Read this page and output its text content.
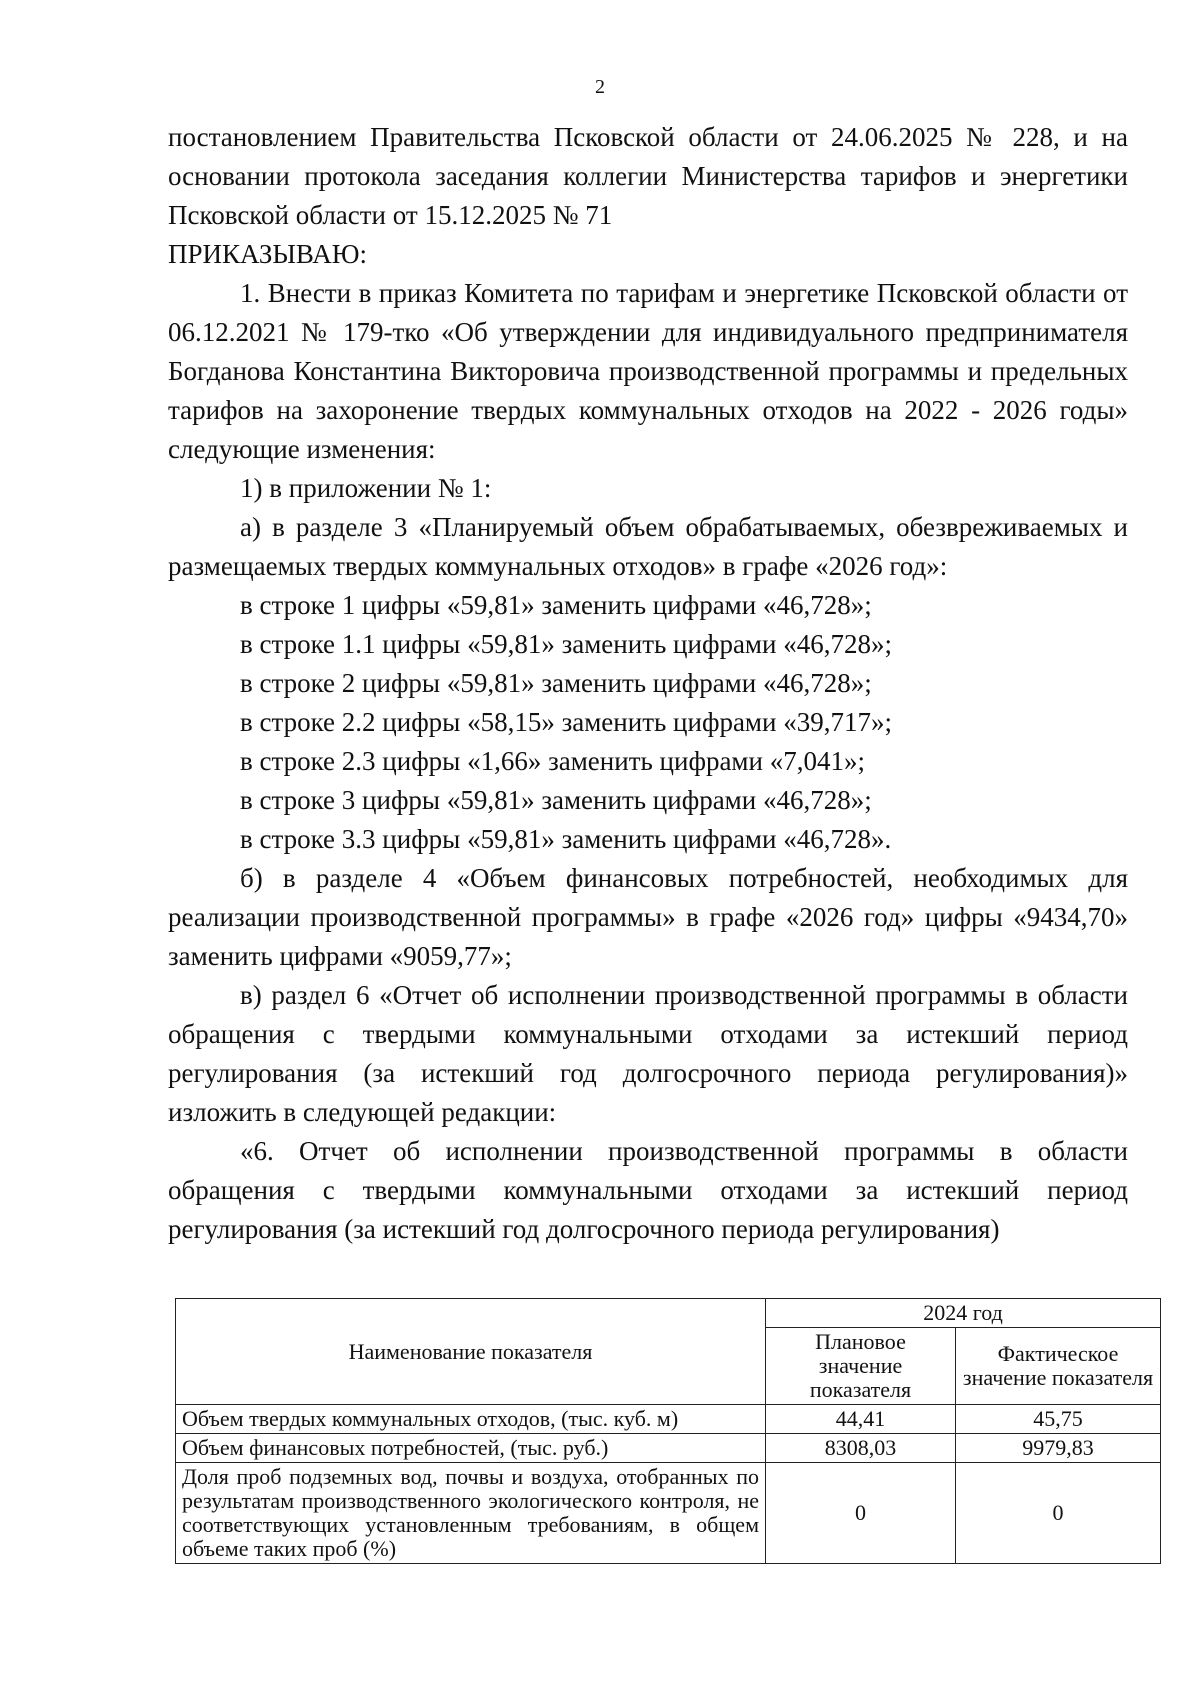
2

постановлением Правительства Псковской области от 24.06.2025 № 228, и на основании протокола заседания коллегии Министерства тарифов и энергетики Псковской области от 15.12.2025 № 71

ПРИКАЗЫВАЮ:

1. Внести в приказ Комитета по тарифам и энергетике Псковской области от 06.12.2021 № 179-тко «Об утверждении для индивидуального предпринимателя Богданова Константина Викторовича производственной программы и предельных тарифов на захоронение твердых коммунальных отходов на 2022 - 2026 годы» следующие изменения:

1) в приложении № 1:

а) в разделе 3 «Планируемый объем обрабатываемых, обезвреживаемых и размещаемых твердых коммунальных отходов» в графе «2026 год»:

в строке 1 цифры «59,81» заменить цифрами «46,728»;

в строке 1.1 цифры «59,81» заменить цифрами «46,728»;

в строке 2 цифры «59,81» заменить цифрами «46,728»;

в строке 2.2 цифры «58,15» заменить цифрами «39,717»;

в строке 2.3 цифры «1,66» заменить цифрами «7,041»;

в строке 3 цифры «59,81» заменить цифрами «46,728»;

в строке 3.3 цифры «59,81» заменить цифрами «46,728».

б) в разделе 4 «Объем финансовых потребностей, необходимых для реализации производственной программы» в графе «2026 год» цифры «9434,70» заменить цифрами «9059,77»;

в) раздел 6 «Отчет об исполнении производственной программы в области обращения с твердыми коммунальными отходами за истекший период регулирования (за истекший год долгосрочного периода регулирования)» изложить в следующей редакции:

«6. Отчет об исполнении производственной программы в области обращения с твердыми коммунальными отходами за истекший период регулирования (за истекший год долгосрочного периода регулирования)

Наименование показателя	2024 год	
	Плановое значение показателя	Фактическое значение показателя
Объем твердых коммунальных отходов, (тыс. куб. м)	44,41	45,75
Объем финансовых потребностей, (тыс. руб.)	8308,03	9979,83
Доля проб подземных вод, почвы и воздуха, отобранных по результатам производственного экологического контроля, не соответствующих установленным требованиям, в общем объеме таких проб (%)	0	0
